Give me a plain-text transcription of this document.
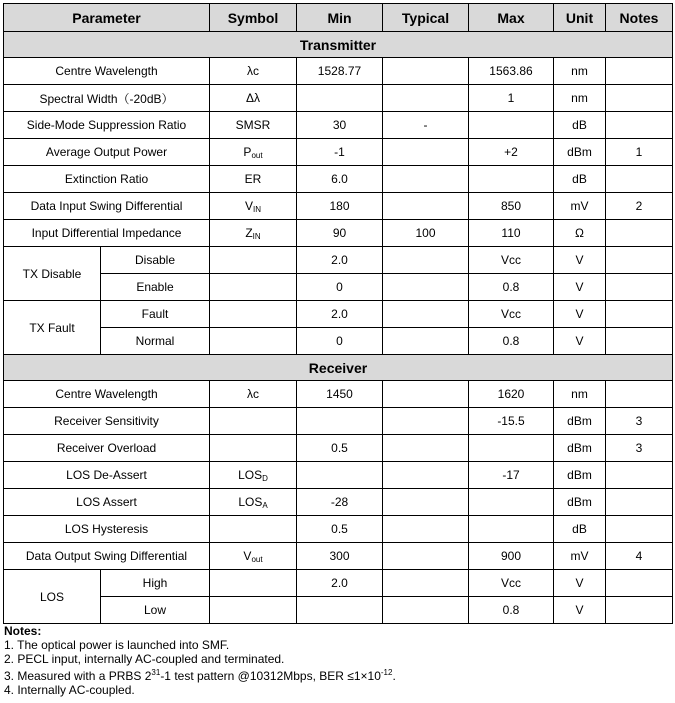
Parameter		Symbol	Min	Typical	Max	Unit	Notes
Transmitter							
Centre Wavelength		λc	1528.77		1563.86	nm	
Spectral Width（-20dB）		Δλ			1	nm	
Side-Mode Suppression Ratio		SMSR	30	-		dB	
Average Output Power		$P_{out}$	-1		+2	dBm	1
Extinction Ratio		ER	6.0			dB	
Data Input Swing Differential		$V_{IN}$	180		850	mV	2
Input Differential Impedance		$Z_{IN}$	90	100	110	Ω	
TX Disable	Disable		2.0		Vcc	V	
	Enable		0		0.8	V	
TX Fault	Fault		2.0		Vcc	V	
	Normal		0		0.8	V	
Receiver							
Centre Wavelength		λc	1450		1620	nm	
Receiver Sensitivity					-15.5	dBm	3
Receiver Overload			0.5			dBm	3
LOS De-Assert		$LOS_D$			-17	dBm	
LOS Assert		$LOS_A$	-28			dBm	
LOS Hysteresis			0.5			dB	
Data Output Swing Differential		$V_{out}$	300		900	mV	4
LOS	High		2.0		Vcc	V	
	Low				0.8	V	
Notes:
1. The optical power is launched into SMF.
2. PECL input, internally AC-coupled and terminated.
3. Measured with a PRBS $2^{31}-1$ test pattern @10312Mbps, BER $\le 1\times 10^{-12}$.
4. Internally AC-coupled.
